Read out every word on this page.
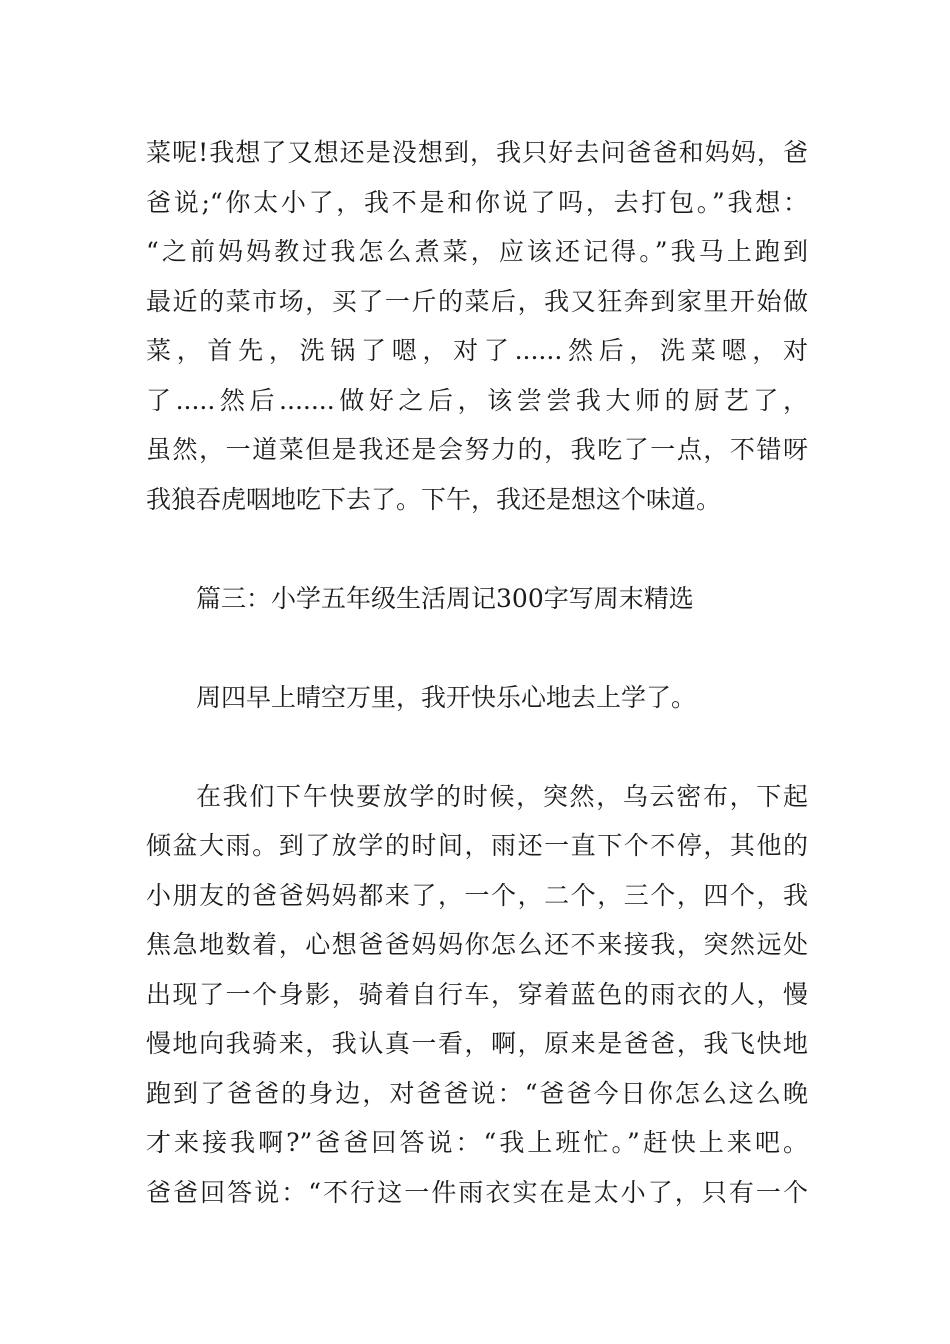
菜呢!我想了又想还是没想到，我只好去问爸爸和妈妈，爸
爸说;“你太小了，我不是和你说了吗，去打包。”我想：
“之前妈妈教过我怎么煮菜，应该还记得。”我马上跑到
最近的菜市场，买了一斤的菜后，我又狂奔到家里开始做
菜，首先，洗锅了嗯，对了......然后，洗菜嗯，对
了.....然后.......做好之后，该尝尝我大师的厨艺了，
虽然，一道菜但是我还是会努力的，我吃了一点，不错呀
我狼吞虎咽地吃下去了。下午，我还是想这个味道。
篇三：小学五年级生活周记300字写周末精选
周四早上晴空万里，我开快乐心地去上学了。
在我们下午快要放学的时候，突然，乌云密布，下起
倾盆大雨。到了放学的时间，雨还一直下个不停，其他的
小朋友的爸爸妈妈都来了，一个，二个，三个，四个，我
焦急地数着，心想爸爸妈妈你怎么还不来接我，突然远处
出现了一个身影，骑着自行车，穿着蓝色的雨衣的人，慢
慢地向我骑来，我认真一看，啊，原来是爸爸，我飞快地
跑到了爸爸的身边，对爸爸说：“爸爸今日你怎么这么晚
才来接我啊?”爸爸回答说：“我上班忙。”赶快上来吧。
爸爸回答说：“不行这一件雨衣实在是太小了，只有一个
